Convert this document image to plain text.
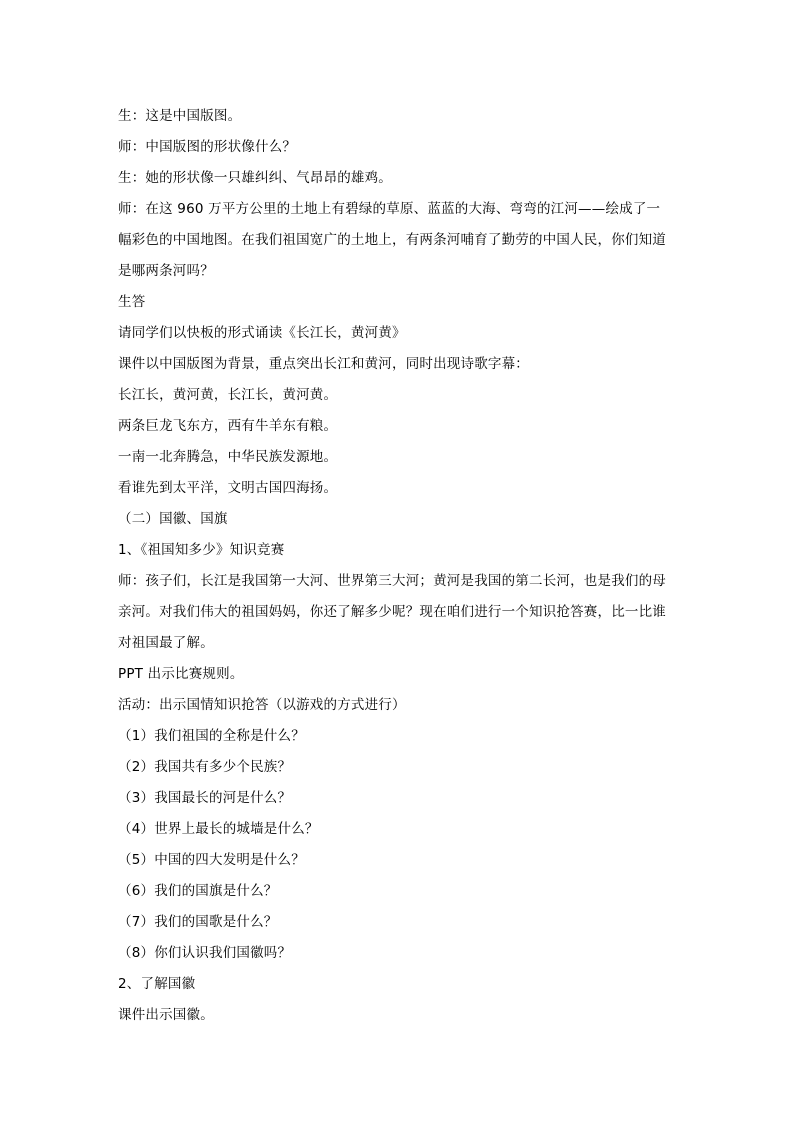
生：这是中国版图。
师：中国版图的形状像什么？
生：她的形状像一只雄纠纠、气昂昂的雄鸡。
师：在这 960 万平方公里的土地上有碧绿的草原、蓝蓝的大海、弯弯的江河——绘成了一
幅彩色的中国地图。在我们祖国宽广的土地上，有两条河哺育了勤劳的中国人民，你们知道
是哪两条河吗？
生答
请同学们以快板的形式诵读《长江长，黄河黄》
课件以中国版图为背景，重点突出长江和黄河，同时出现诗歌字幕：
长江长，黄河黄，长江长，黄河黄。
两条巨龙飞东方，西有牛羊东有粮。
一南一北奔腾急，中华民族发源地。
看谁先到太平洋，文明古国四海扬。
（二）国徽、国旗
1、《祖国知多少》知识竞赛
师：孩子们，长江是我国第一大河、世界第三大河；黄河是我国的第二长河，也是我们的母
亲河。对我们伟大的祖国妈妈，你还了解多少呢？现在咱们进行一个知识抢答赛，比一比谁
对祖国最了解。
PPT 出示比赛规则。
活动：出示国情知识抢答（以游戏的方式进行）
（1）我们祖国的全称是什么？
（2）我国共有多少个民族？
（3）我国最长的河是什么？
（4）世界上最长的城墙是什么？
（5）中国的四大发明是什么？
（6）我们的国旗是什么？
（7）我们的国歌是什么？
（8）你们认识我们国徽吗？
2、了解国徽
课件出示国徽。
